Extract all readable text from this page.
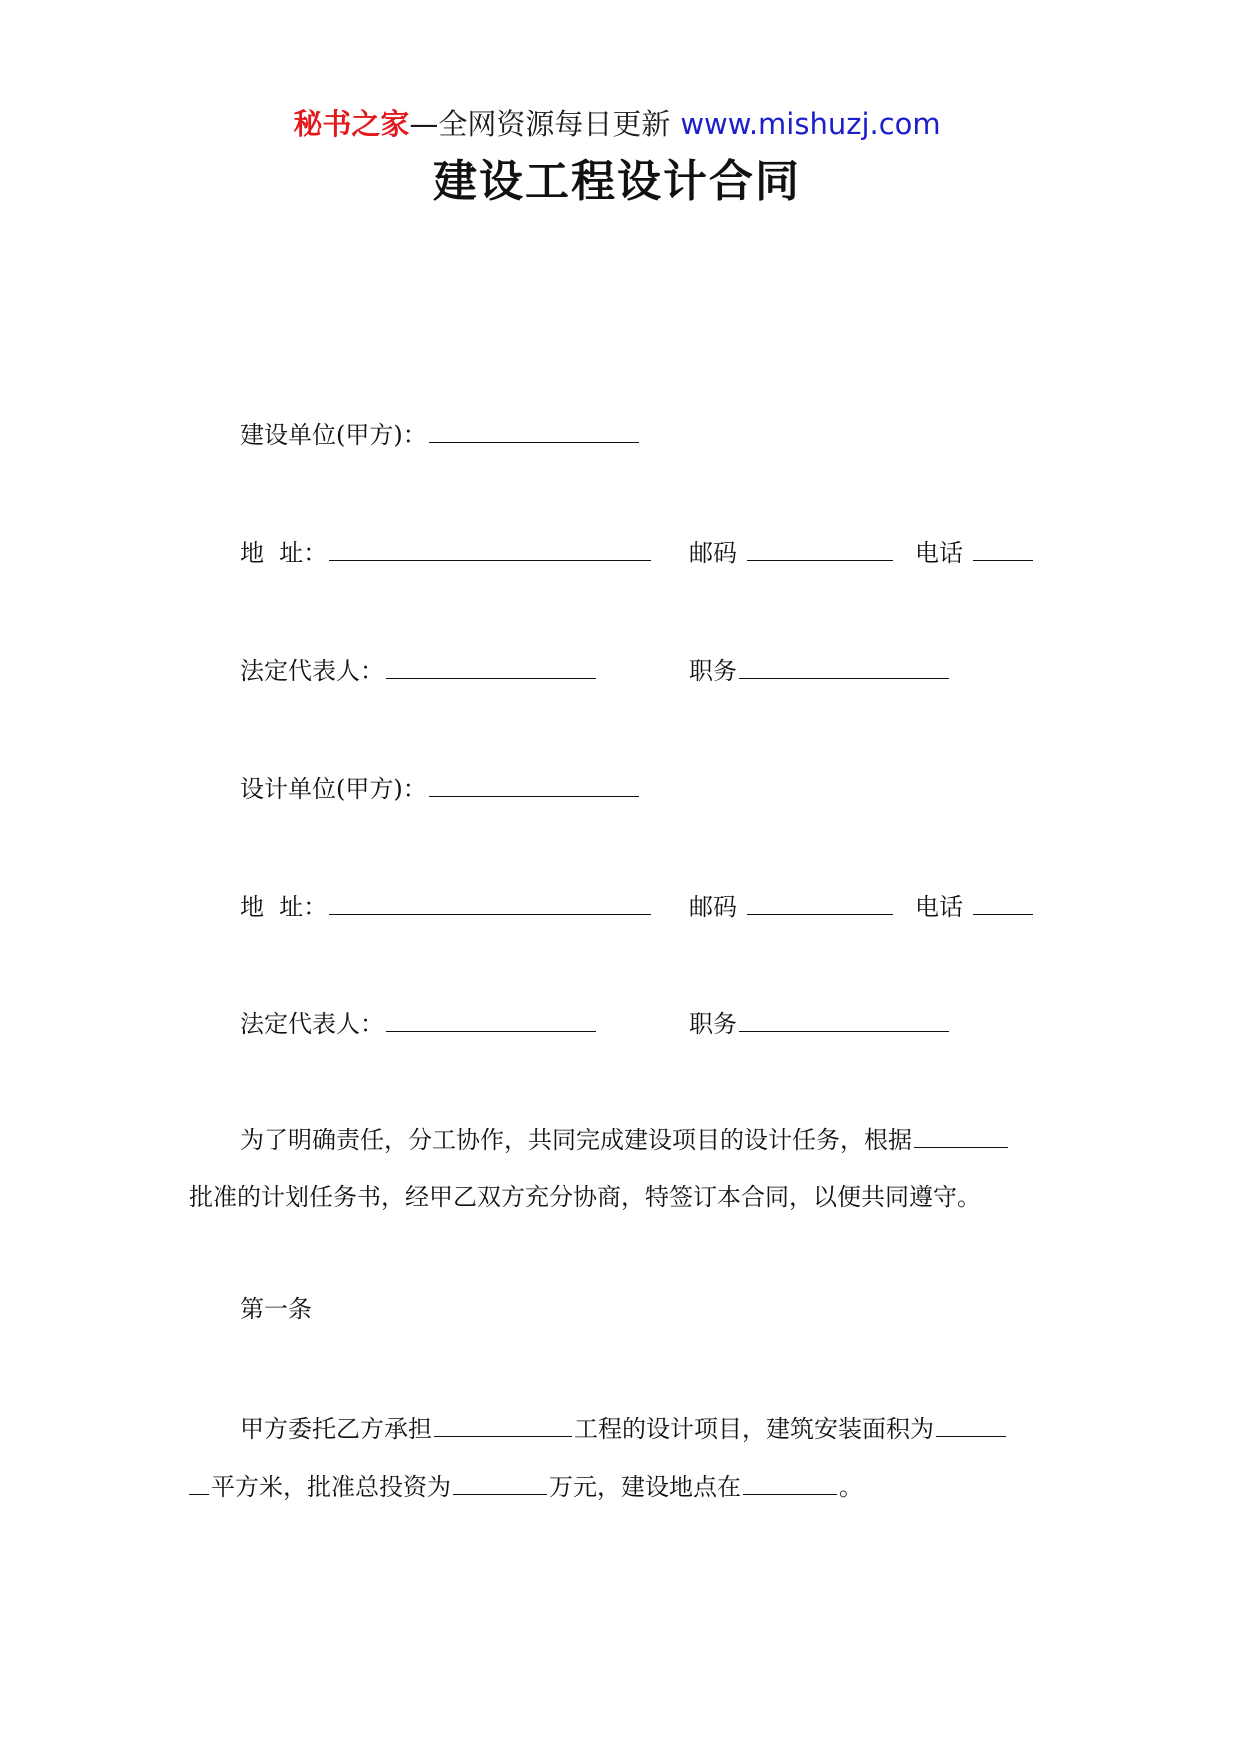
秘书之家—全网资源每日更新 www.mishuzj.com
建设工程设计合同
建设单位(甲方)：
地  址：	邮码	电话
法定代表人：	职务
设计单位(甲方)：
地  址：	邮码	电话
法定代表人：	职务
为了明确责任，分工协作，共同完成建设项目的设计任务，根据
批准的计划任务书，经甲乙双方充分协商，特签订本合同，以便共同遵守。
第一条
甲方委托乙方承担	工程的设计项目，建筑安装面积为
平方米，批准总投资为	万元，建设地点在	。
